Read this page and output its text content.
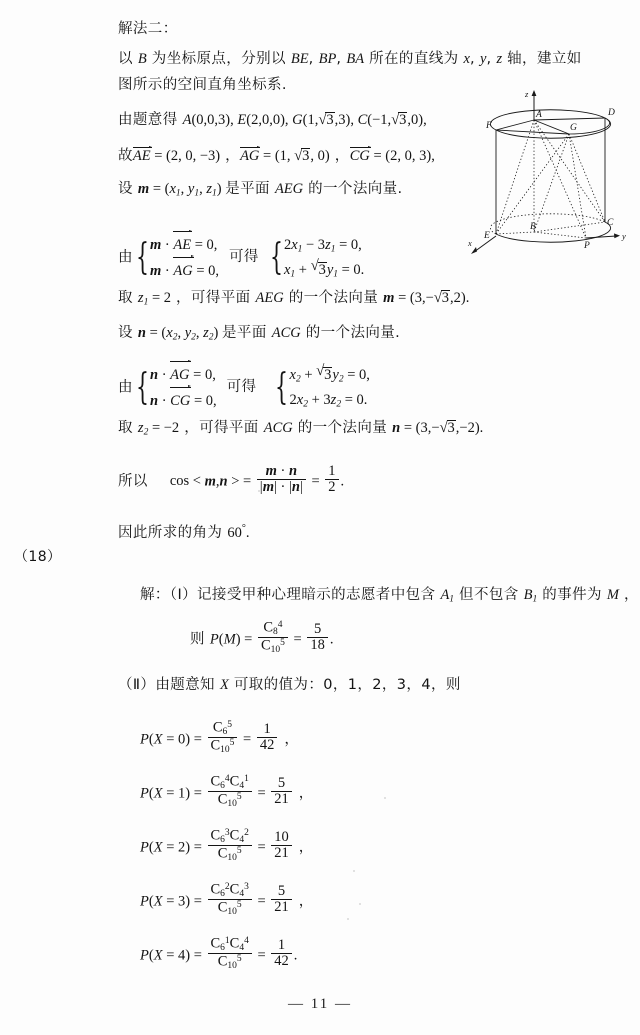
解法二：
以 B 为坐标原点，分别以 BE, BP, BA 所在的直线为 x, y, z 轴，建立如
图所示的空间直角坐标系.
由题意得 A(0,0,3), E(2,0,0), G(1, √ 3,3), C(−1, √ 3,0),
故AE = (2, 0, −3) ，AG = (1, √ 3, 0) ，CG = (2, 0, 3),
设 $m = (x_1$, $y_1$, $z_1$) 是平面 AEG 的一个法向量.
由 { m · AE = 0,
m · AG = 0,
可得 { $2x_1 - 3z_1 = 0$,
$x_1$ + √ $3y_1 = 0$.
取 $z_1 = 2$ ，可得平面 AEG 的一个法向量 m = (3,− √ 3,2).
设 $n = (x_2$, $y_2$, $z_2$) 是平面 ACG 的一个法向量.
由 { n · AG = 0,
n · CG = 0,
可得 { $x_2$ + √ $3y_2 = 0$,
$2x_2 + 3z_2 = 0$.
取 $z_2 = -2$ ，可得平面 ACG 的一个法向量 n = (3,− √ 3,−2).
所以 cos < m,n > = $\frac{m \cdot n}{|m| \cdot |n|} = \frac{1}{2}$ .
因此所求的角为 60°.
z
x
y
A	D
F	G
E
B	C
P
（18）
解：（Ⅰ）记接受甲种心理暗示的志愿者中包含 $A_1$ 但不包含 $B_1$ 的事件为 M ，
则 $P(M) = \frac{C_8^4}{C_{10}^5} = \frac{5}{18}$ .
（Ⅱ）由题意知 X 可取的值为：0，1，2，3，4，则
$P(X = 0) = \frac{C_6^5}{C_{10}^5} = \frac{1}{42}$ ，
$P(X = 1) = \frac{C_6^4C_4^1}{C_{10}^5} = \frac{5}{21}$ ，
$P(X = 2) = \frac{C_6^3C_4^2}{C_{10}^5} = \frac{10}{21}$ ，
$P(X = 3) = \frac{C_6^2C_4^3}{C_{10}^5} = \frac{5}{21}$ ，
$P(X = 4) = \frac{C_6^1C_4^4}{C_{10}^5} = \frac{1}{42}$ .
— 11 —
